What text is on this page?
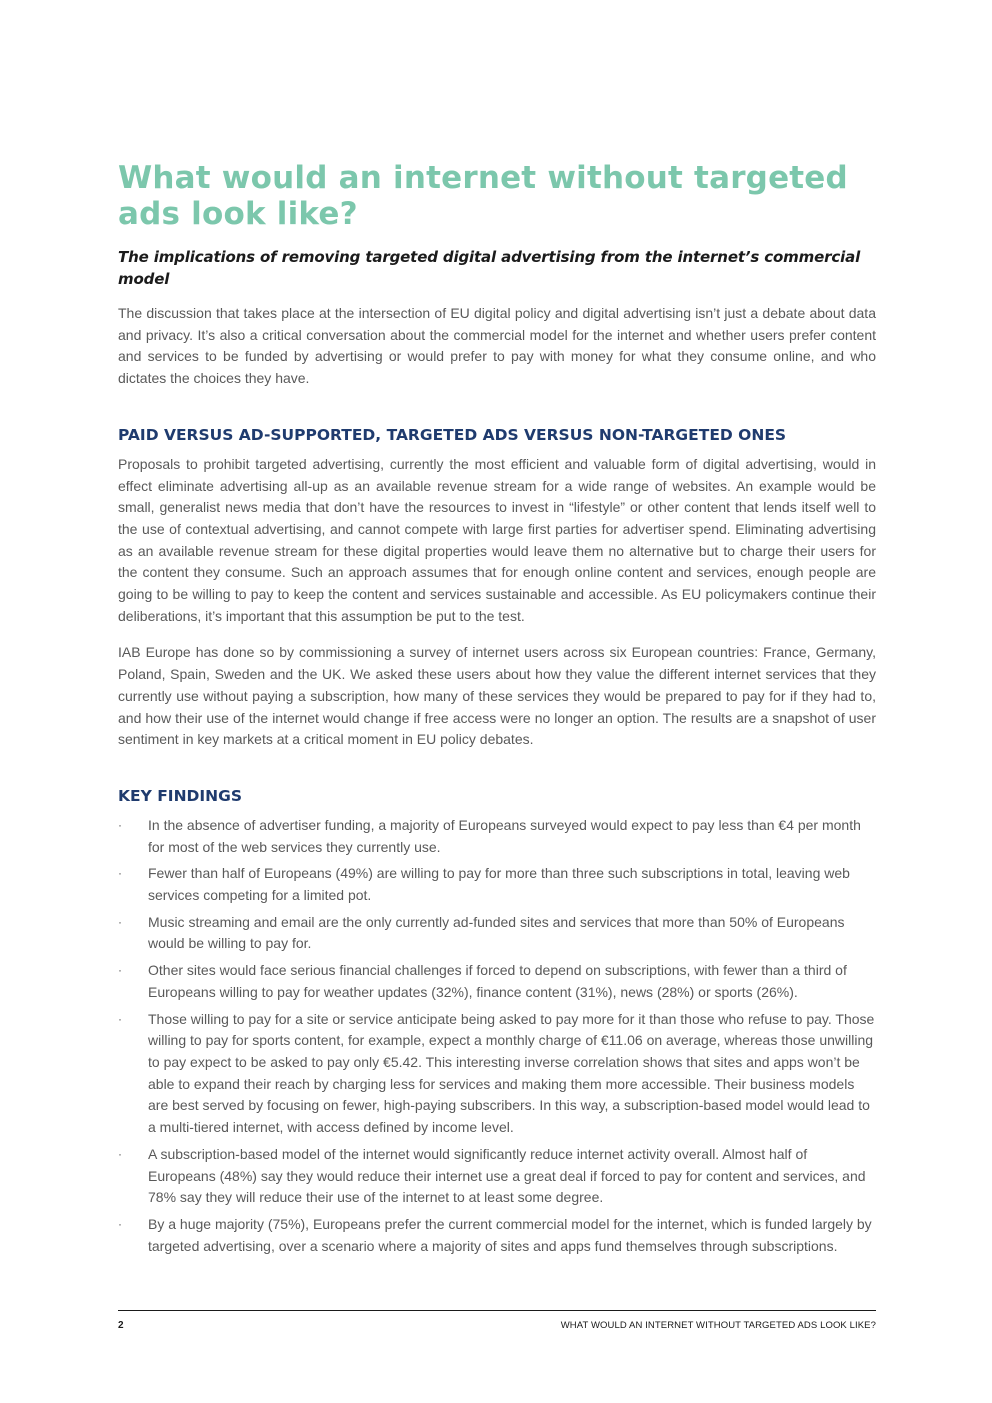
What would an internet without targeted ads look like?
The implications of removing targeted digital advertising from the internet’s commercial model

The discussion that takes place at the intersection of EU digital policy and digital advertising isn’t just a debate about data and privacy. It’s also a critical conversation about the commercial model for the internet and whether users prefer content and services to be funded by advertising or would prefer to pay with money for what they consume online, and who dictates the choices they have.

PAID VERSUS AD-SUPPORTED, TARGETED ADS VERSUS NON-TARGETED ONES

Proposals to prohibit targeted advertising, currently the most efficient and valuable form of digital advertising, would in effect eliminate advertising all-up as an available revenue stream for a wide range of websites. An example would be small, generalist news media that don’t have the resources to invest in “lifestyle” or other content that lends itself well to the use of contextual advertising, and cannot compete with large first parties for advertiser spend. Eliminating advertising as an available revenue stream for these digital properties would leave them no alternative but to charge their users for the content they consume. Such an approach assumes that for enough online content and services, enough people are going to be willing to pay to keep the content and services sustainable and accessible. As EU policymakers continue their deliberations, it’s important that this assumption be put to the test.

IAB Europe has done so by commissioning a survey of internet users across six European countries: France, Germany, Poland, Spain, Sweden and the UK. We asked these users about how they value the different internet services that they currently use without paying a subscription, how many of these services they would be prepared to pay for if they had to, and how their use of the internet would change if free access were no longer an option. The results are a snapshot of user sentiment in key markets at a critical moment in EU policy debates.

KEY FINDINGS
·	In the absence of advertiser funding, a majority of Europeans surveyed would expect to pay less than €4 per month for most of the web services they currently use.
·	Fewer than half of Europeans (49%) are willing to pay for more than three such subscriptions in total, leaving web services competing for a limited pot.
·	Music streaming and email are the only currently ad-funded sites and services that more than 50% of Europeans would be willing to pay for.
·	Other sites would face serious financial challenges if forced to depend on subscriptions, with fewer than a third of Europeans willing to pay for weather updates (32%), finance content (31%), news (28%) or sports (26%).
·	Those willing to pay for a site or service anticipate being asked to pay more for it than those who refuse to pay. Those willing to pay for sports content, for example, expect a monthly charge of €11.06 on average, whereas those unwilling to pay expect to be asked to pay only €5.42. This interesting inverse correlation shows that sites and apps won’t be able to expand their reach by charging less for services and making them more accessible. Their business models are best served by focusing on fewer, high-paying subscribers. In this way, a subscription-based model would lead to a multi-tiered internet, with access defined by income level.
·	A subscription-based model of the internet would significantly reduce internet activity overall. Almost half of Europeans (48%) say they would reduce their internet use a great deal if forced to pay for content and services, and 78% say they will reduce their use of the internet to at least some degree.
·	By a huge majority (75%), Europeans prefer the current commercial model for the internet, which is funded largely by targeted advertising, over a scenario where a majority of sites and apps fund themselves through subscriptions.
2	WHAT WOULD AN INTERNET WITHOUT TARGETED ADS LOOK LIKE?
